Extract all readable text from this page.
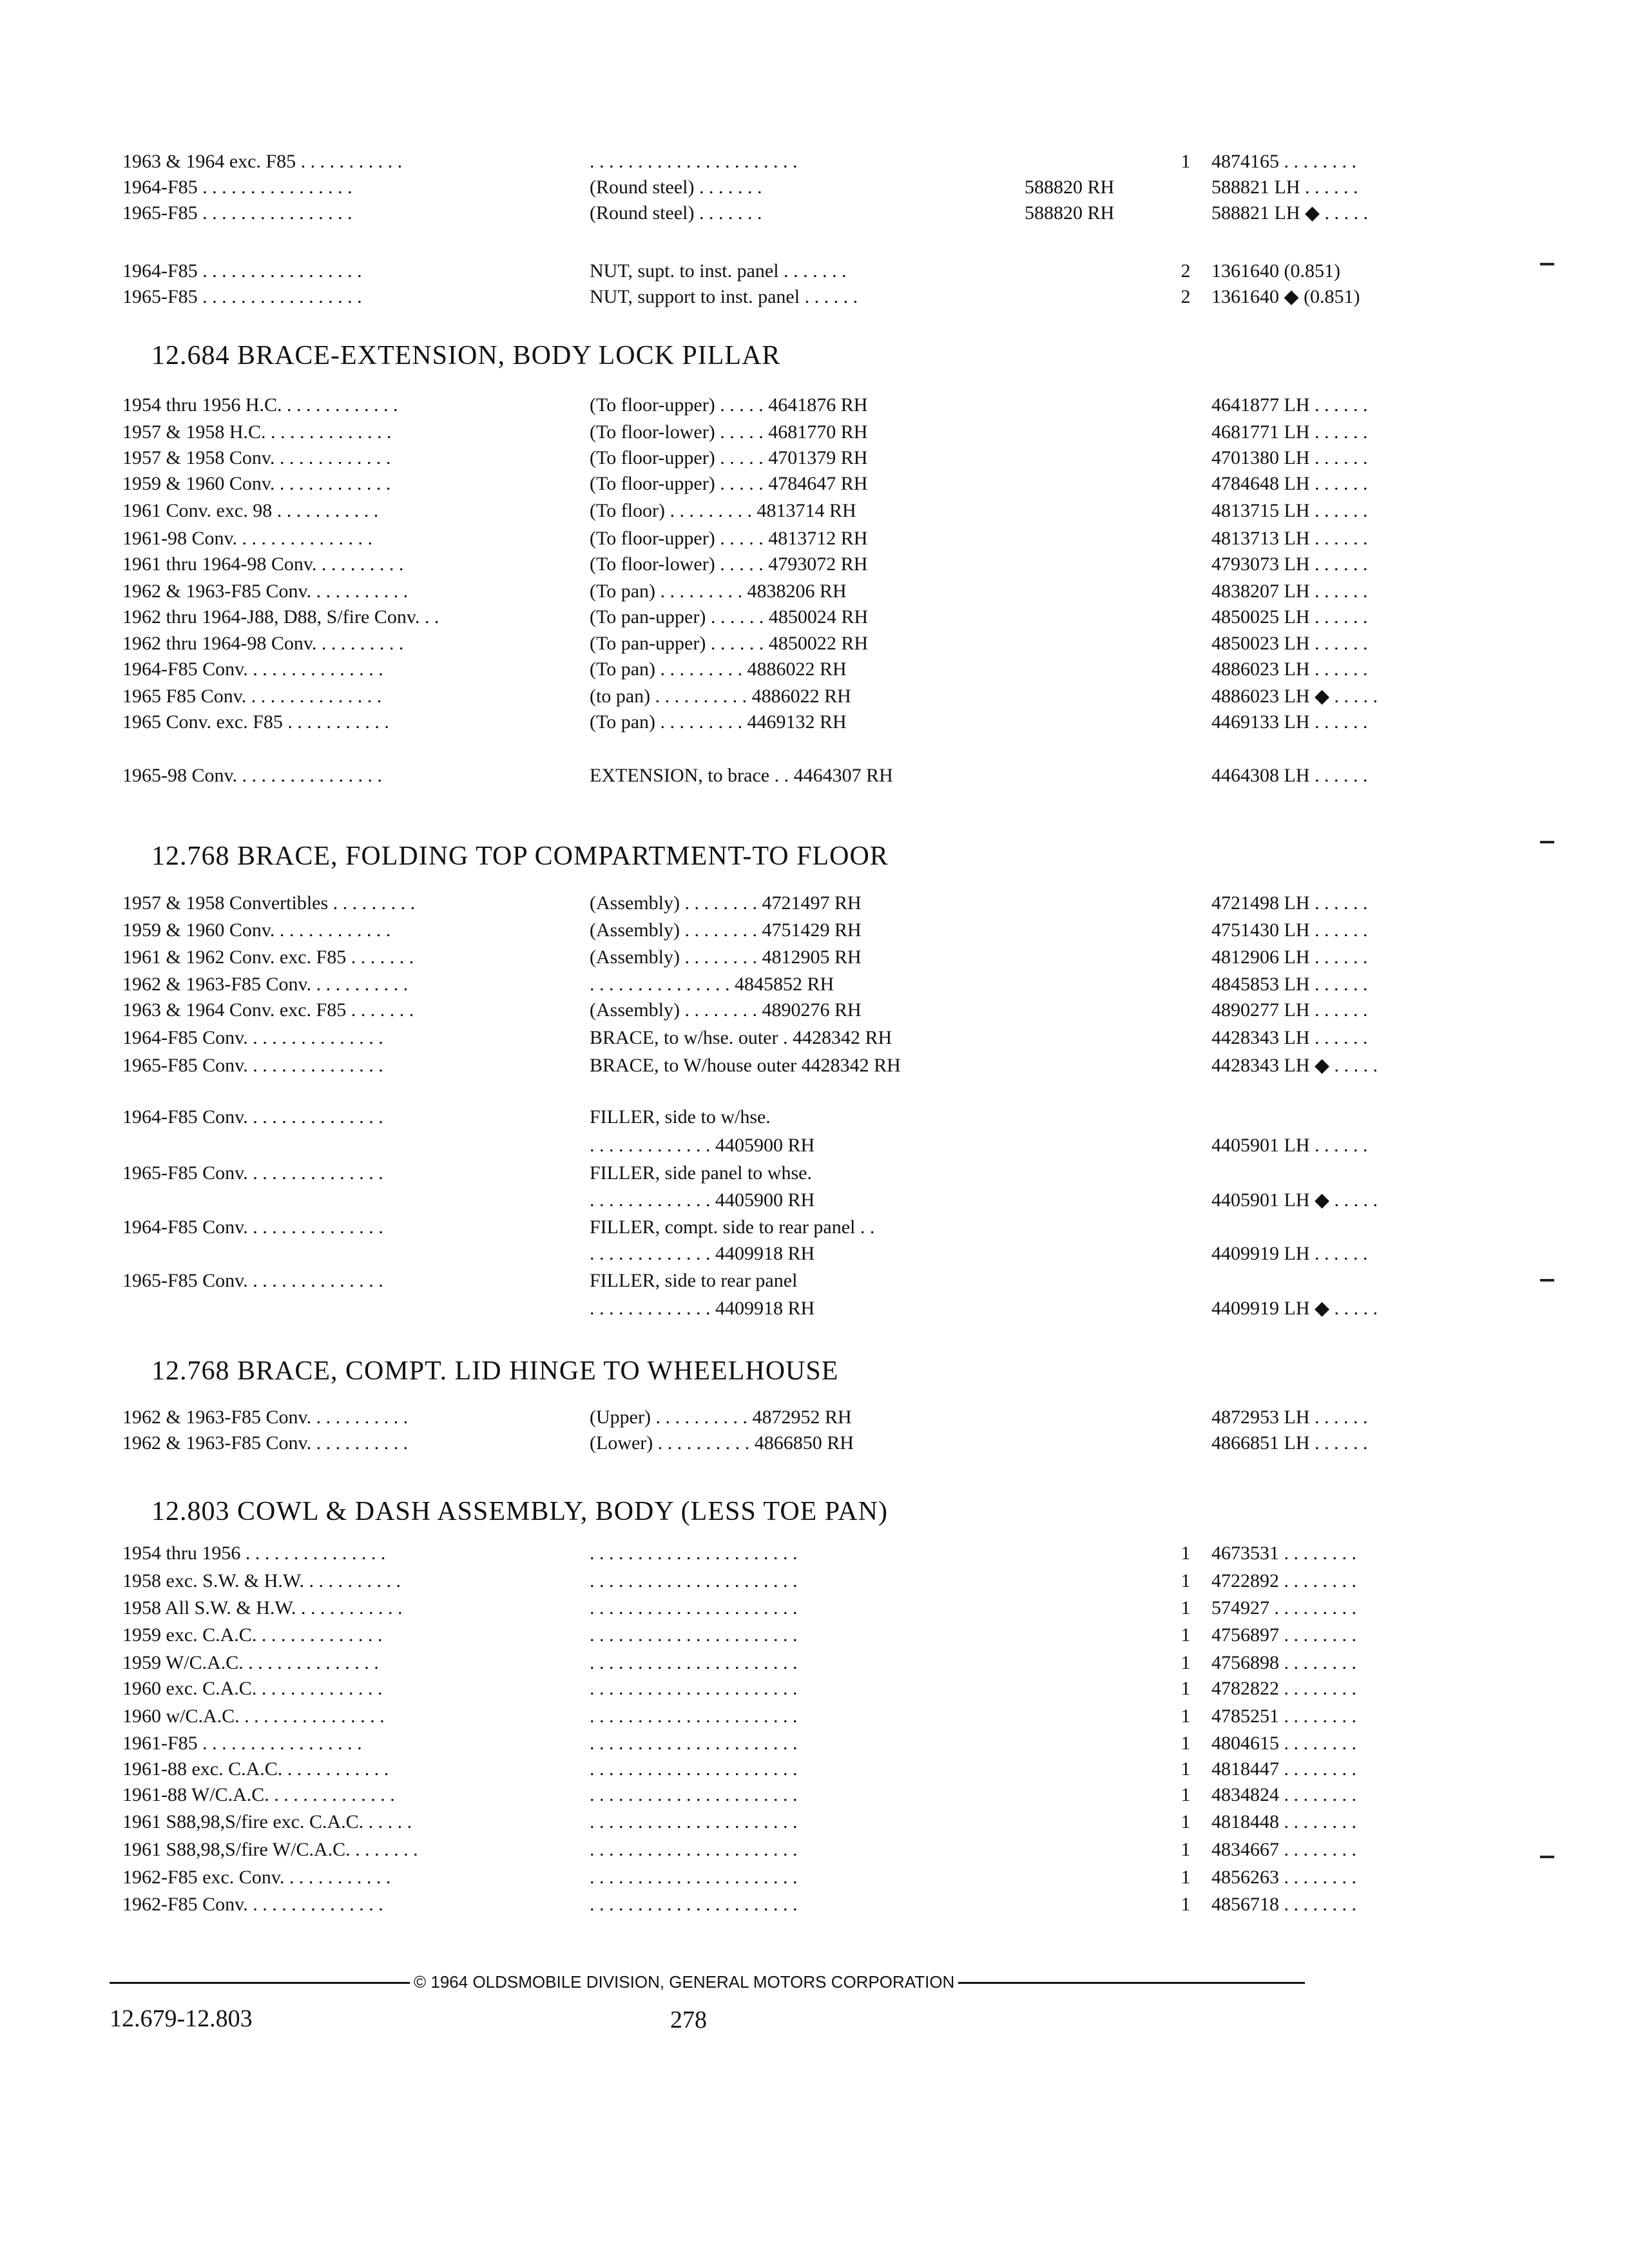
1963 & 1964 exc. F85 . . . . . . . . . . .	. . . . . . . . . . . . . . . . . . . . . .	1	4874165 . . . . . . . .
1964-F85 . . . . . . . . . . . . . . . .	(Round steel) . . . . . . .	588820 RH	588821 LH . . . . . .
1965-F85 . . . . . . . . . . . . . . . .	(Round steel) . . . . . . .	588820 RH	588821 LH ◆ . . . . .
1964-F85 . . . . . . . . . . . . . . . . .	NUT, supt. to inst. panel . . . . . . .	2	1361640 (0.851)
1965-F85 . . . . . . . . . . . . . . . . .	NUT, support to inst. panel . . . . . .	2	1361640 ◆ (0.851)
12.684 BRACE-EXTENSION, BODY LOCK PILLAR
1954 thru 1956 H.C. . . . . . . . . . . . .	(To floor-upper) . . . . . 4641876 RH	4641877 LH . . . . . .
1957 & 1958 H.C. . . . . . . . . . . . . .	(To floor-lower) . . . . . 4681770 RH	4681771 LH . . . . . .
1957 & 1958 Conv. . . . . . . . . . . . .	(To floor-upper) . . . . . 4701379 RH	4701380 LH . . . . . .
1959 & 1960 Conv. . . . . . . . . . . . .	(To floor-upper) . . . . . 4784647 RH	4784648 LH . . . . . .
1961 Conv. exc. 98 . . . . . . . . . . .	(To floor) . . . . . . . . . 4813714 RH	4813715 LH . . . . . .
1961-98 Conv. . . . . . . . . . . . . . .	(To floor-upper) . . . . . 4813712 RH	4813713 LH . . . . . .
1961 thru 1964-98 Conv. . . . . . . . . .	(To floor-lower) . . . . . 4793072 RH	4793073 LH . . . . . .
1962 & 1963-F85 Conv. . . . . . . . . . .	(To pan) . . . . . . . . . 4838206 RH	4838207 LH . . . . . .
1962 thru 1964-J88, D88, S/fire Conv. . .	(To pan-upper) . . . . . . 4850024 RH	4850025 LH . . . . . .
1962 thru 1964-98 Conv. . . . . . . . . .	(To pan-upper) . . . . . . 4850022 RH	4850023 LH . . . . . .
1964-F85 Conv. . . . . . . . . . . . . . .	(To pan) . . . . . . . . . 4886022 RH	4886023 LH . . . . . .
1965 F85 Conv. . . . . . . . . . . . . . .	(to pan) . . . . . . . . . . 4886022 RH	4886023 LH ◆ . . . . .
1965 Conv. exc. F85 . . . . . . . . . . .	(To pan) . . . . . . . . . 4469132 RH	4469133 LH . . . . . .
1965-98 Conv. . . . . . . . . . . . . . . .	EXTENSION, to brace . . 4464307 RH	4464308 LH . . . . . .
12.768 BRACE, FOLDING TOP COMPARTMENT-TO FLOOR
1957 & 1958 Convertibles . . . . . . . . .	(Assembly) . . . . . . . . 4721497 RH	4721498 LH . . . . . .
1959 & 1960 Conv. . . . . . . . . . . . .	(Assembly) . . . . . . . . 4751429 RH	4751430 LH . . . . . .
1961 & 1962 Conv. exc. F85 . . . . . . .	(Assembly) . . . . . . . . 4812905 RH	4812906 LH . . . . . .
1962 & 1963-F85 Conv. . . . . . . . . . .	. . . . . . . . . . . . . . . 4845852 RH	4845853 LH . . . . . .
1963 & 1964 Conv. exc. F85 . . . . . . .	(Assembly) . . . . . . . . 4890276 RH	4890277 LH . . . . . .
1964-F85 Conv. . . . . . . . . . . . . . .	BRACE, to w/hse. outer . 4428342 RH	4428343 LH . . . . . .
1965-F85 Conv. . . . . . . . . . . . . . .	BRACE, to W/house outer 4428342 RH	4428343 LH ◆ . . . . .
1964-F85 Conv. . . . . . . . . . . . . . .	FILLER, side to w/hse.
. . . . . . . . . . . . . 4405900 RH	4405901 LH . . . . . .
1965-F85 Conv. . . . . . . . . . . . . . .	FILLER, side panel to whse.
. . . . . . . . . . . . . 4405900 RH	4405901 LH ◆ . . . . .
1964-F85 Conv. . . . . . . . . . . . . . .	FILLER, compt. side to rear panel . .
. . . . . . . . . . . . . 4409918 RH	4409919 LH . . . . . .
1965-F85 Conv. . . . . . . . . . . . . . .	FILLER, side to rear panel
. . . . . . . . . . . . . 4409918 RH	4409919 LH ◆ . . . . .
12.768 BRACE, COMPT. LID HINGE TO WHEELHOUSE
1962 & 1963-F85 Conv. . . . . . . . . . .	(Upper) . . . . . . . . . . 4872952 RH	4872953 LH . . . . . .
1962 & 1963-F85 Conv. . . . . . . . . . .	(Lower) . . . . . . . . . . 4866850 RH	4866851 LH . . . . . .
12.803 COWL & DASH ASSEMBLY, BODY (LESS TOE PAN)
1954 thru 1956 . . . . . . . . . . . . . . .	. . . . . . . . . . . . . . . . . . . . . .	1	4673531 . . . . . . . .
1958 exc. S.W. & H.W. . . . . . . . . . .	. . . . . . . . . . . . . . . . . . . . . .	1	4722892 . . . . . . . .
1958 All S.W. & H.W. . . . . . . . . . . .	. . . . . . . . . . . . . . . . . . . . . .	1	574927 . . . . . . . . .
1959 exc. C.A.C. . . . . . . . . . . . . .	. . . . . . . . . . . . . . . . . . . . . .	1	4756897 . . . . . . . .
1959 W/C.A.C. . . . . . . . . . . . . . .	. . . . . . . . . . . . . . . . . . . . . .	1	4756898 . . . . . . . .
1960 exc. C.A.C. . . . . . . . . . . . . .	. . . . . . . . . . . . . . . . . . . . . .	1	4782822 . . . . . . . .
1960 w/C.A.C. . . . . . . . . . . . . . . .	. . . . . . . . . . . . . . . . . . . . . .	1	4785251 . . . . . . . .
1961-F85 . . . . . . . . . . . . . . . . .	. . . . . . . . . . . . . . . . . . . . . .	1	4804615 . . . . . . . .
1961-88 exc. C.A.C. . . . . . . . . . . .	. . . . . . . . . . . . . . . . . . . . . .	1	4818447 . . . . . . . .
1961-88 W/C.A.C. . . . . . . . . . . . . .	. . . . . . . . . . . . . . . . . . . . . .	1	4834824 . . . . . . . .
1961 S88,98,S/fire exc. C.A.C. . . . . .	. . . . . . . . . . . . . . . . . . . . . .	1	4818448 . . . . . . . .
1961 S88,98,S/fire W/C.A.C. . . . . . . .	. . . . . . . . . . . . . . . . . . . . . .	1	4834667 . . . . . . . .
1962-F85 exc. Conv. . . . . . . . . . . .	. . . . . . . . . . . . . . . . . . . . . .	1	4856263 . . . . . . . .
1962-F85 Conv. . . . . . . . . . . . . . .	. . . . . . . . . . . . . . . . . . . . . .	1	4856718 . . . . . . . .
© 1964 OLDSMOBILE DIVISION, GENERAL MOTORS CORPORATION
12.679-12.803	278
